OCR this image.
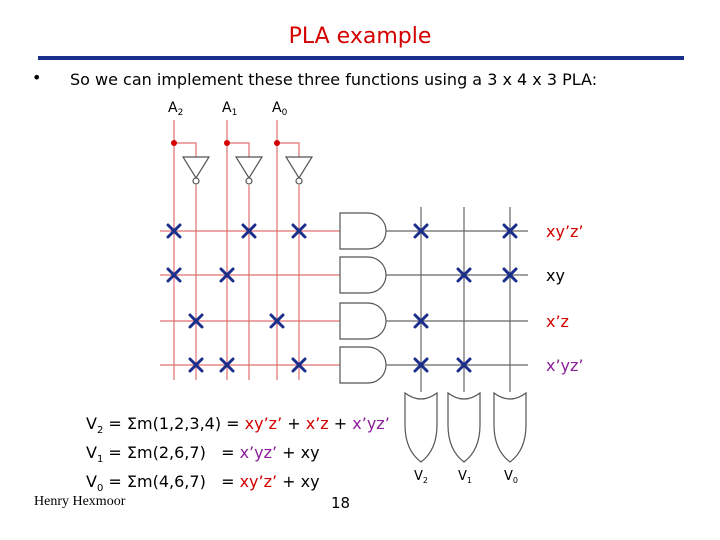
PLA example
• So we can implement these three functions using a 3 x 4 x 3 PLA:
$A_2$	$A_1$ $A_0$
xy’z’
xy
x’z
x’yz’
$V_2$ $V_1$ $V_0$
$V_2 = \Sigma m(1,2,3,4)$ = xy’z’ + x’z + x’yz’
$V_1 = \Sigma m(2,6,7)$   = x’yz’ + xy
$V_0 = \Sigma m(4,6,7)$   = xy’z’ + xy
Henry Hexmoor	18
